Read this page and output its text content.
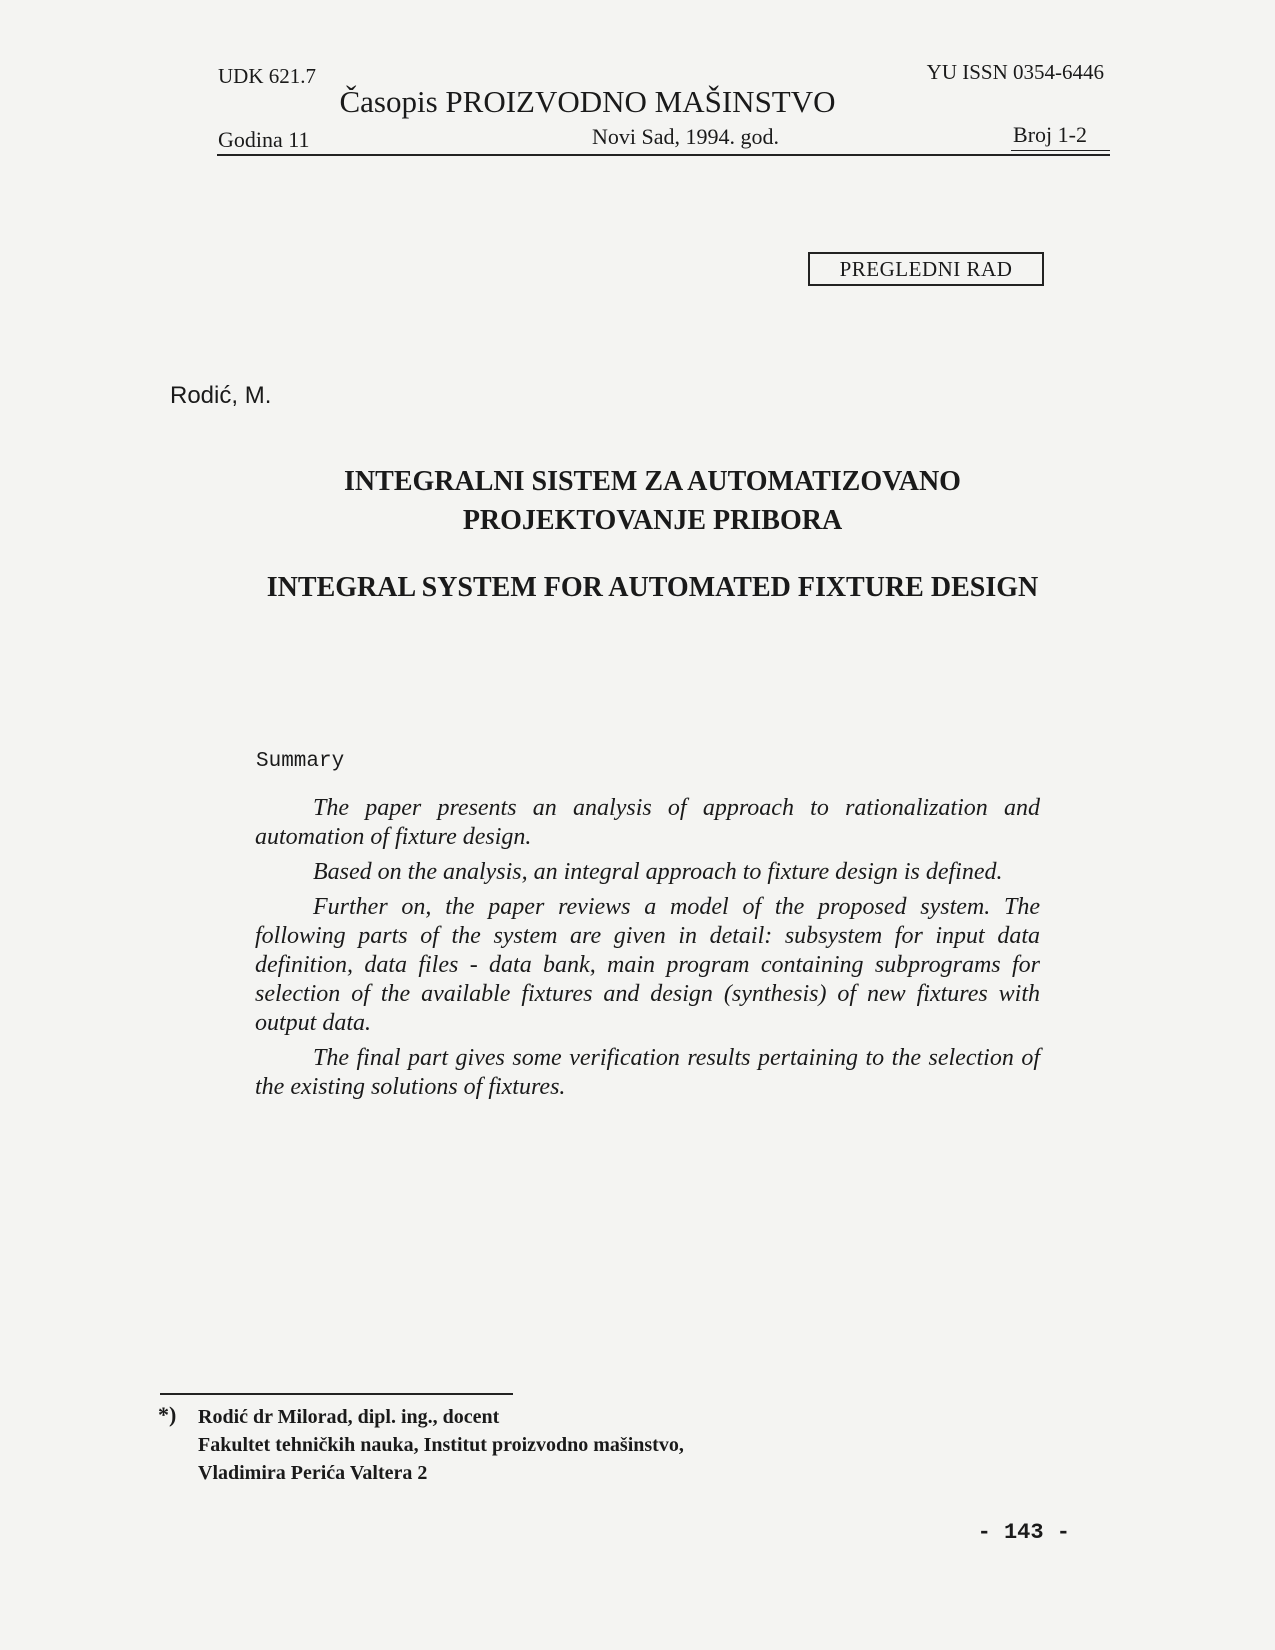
UDK 621.7	YU ISSN 0354-6446
Časopis PROIZVODNO MAŠINSTVO
Godina 11	Novi Sad, 1994. god.	Broj 1-2
PREGLEDNI RAD
Rodić, M.
INTEGRALNI SISTEM ZA AUTOMATIZOVANO
PROJEKTOVANJE PRIBORA
INTEGRAL SYSTEM FOR AUTOMATED FIXTURE DESIGN
Summary

The paper presents an analysis of approach to rationalization and automation of fixture design.

Based on the analysis, an integral approach to fixture design is defined.

Further on, the paper reviews a model of the proposed system. The following parts of the system are given in detail: subsystem for input data definition, data files - data bank, main program containing subprograms for selection of the available fixtures and design (synthesis) of new fixtures with output data.

The final part gives some verification results pertaining to the selection of the existing solutions of fixtures.

*) Rodić dr Milorad, dipl. ing., docent
Fakultet tehničkih nauka, Institut proizvodno mašinstvo,
Vladimira Perića Valtera 2
- 143 -
